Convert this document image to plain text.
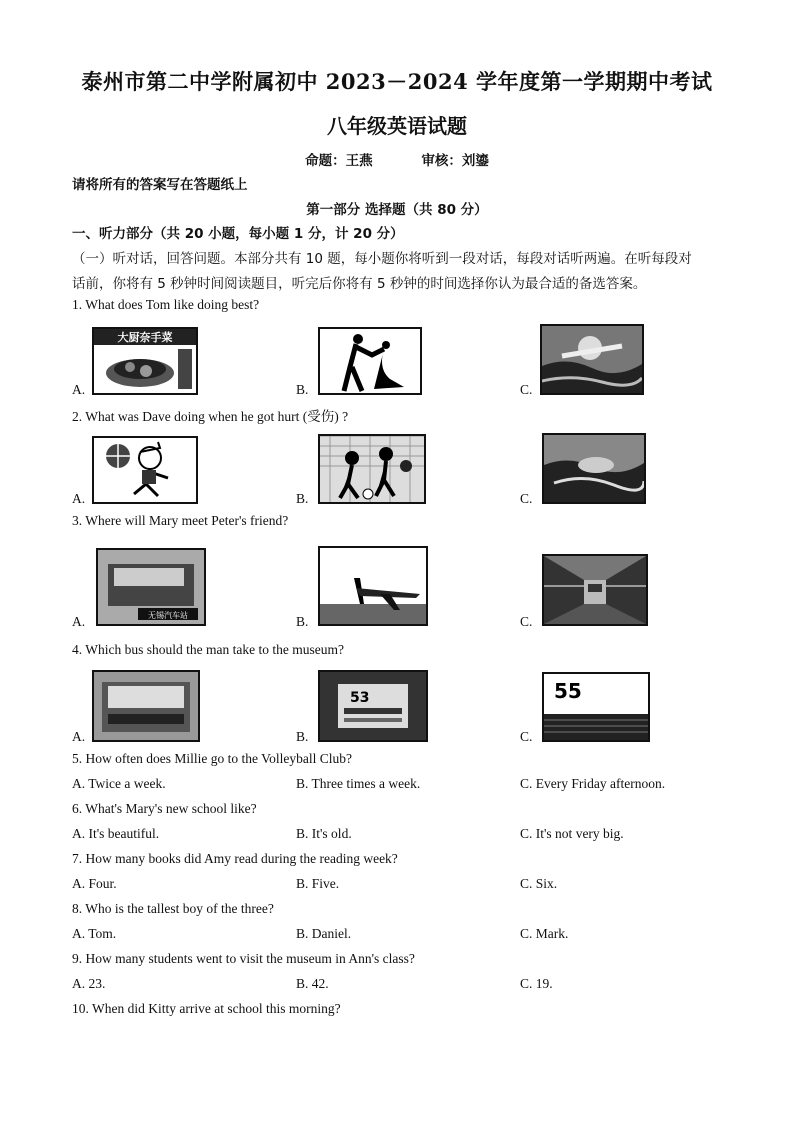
泰州市第二中学附属初中 2023－2024 学年度第一学期期中考试
八年级英语试题
命题：王燕	审核：刘鎏
请将所有的答案写在答题纸上
第一部分 选择题（共 80 分）
一、听力部分（共 20 小题，每小题 1 分，计 20 分）
（一）听对话，回答问题。本部分共有 10 题，每小题你将听到一段对话，每段对话听两遍。在听每段对
话前，你将有 5 秒钟时间阅读题目，听完后你将有 5 秒钟的时间选择你认为最合适的备选答案。
1. What does Tom like doing best?
A.	B.	C.
大厨奈手菜
2. What was Dave doing when he got hurt (受伤) ?
A.	B.	C.
3. Where will Mary meet Peter's friend?
A.	B.	C.
无锡汽车站
4. Which bus should the man take to the museum?
A.	B.	C.
53	55
5. How often does Millie go to the Volleyball Club?
A. Twice a week.	B. Three times a week.	C. Every Friday afternoon.
6. What's Mary's new school like?
A. It's beautiful.	B. It's old.	C. It's not very big.
7. How many books did Amy read during the reading week?
A. Four.	B. Five.	C. Six.
8. Who is the tallest boy of the three?
A. Tom.	B. Daniel.	C. Mark.
9. How many students went to visit the museum in Ann's class?
A. 23.	B. 42.	C. 19.
10. When did Kitty arrive at school this morning?
